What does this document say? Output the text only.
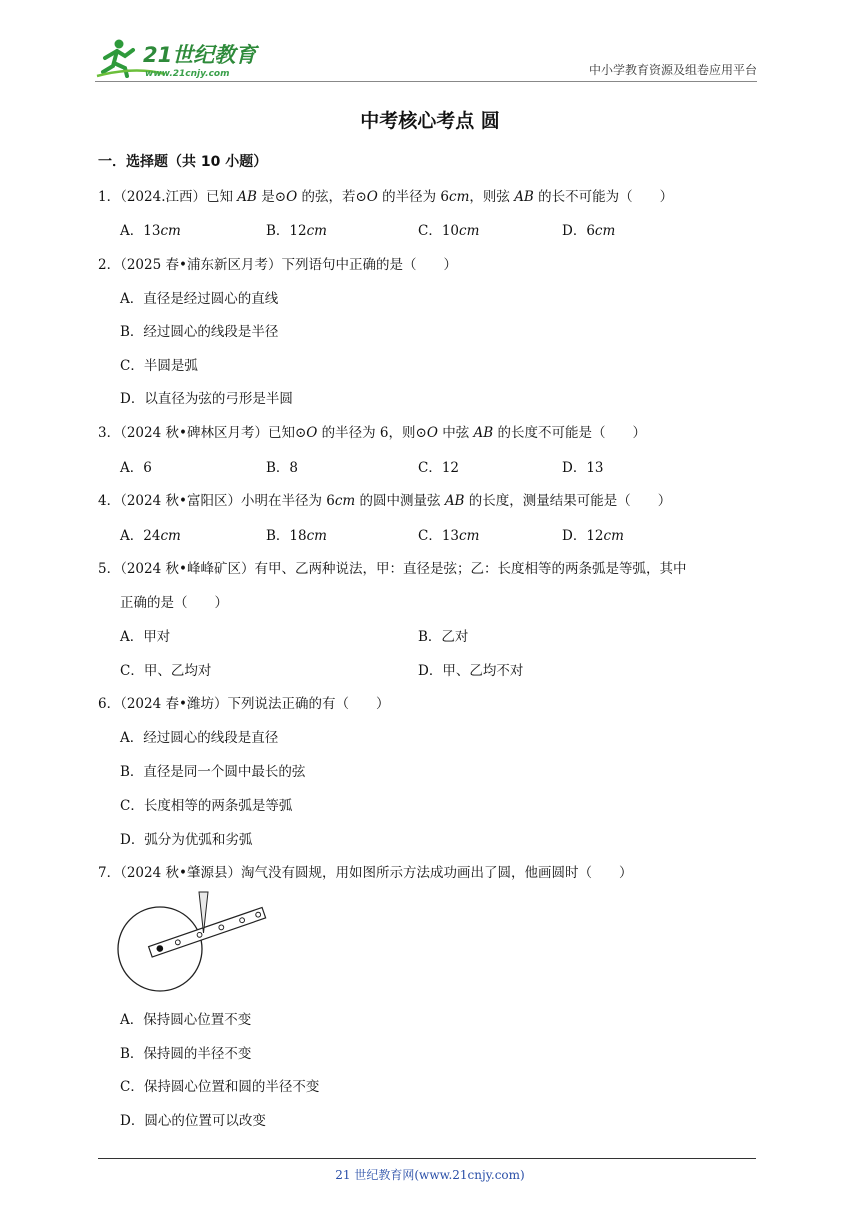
21世纪教育
www.21cnjy.com	中小学教育资源及组卷应用平台
中考核心考点 圆
一．选择题（共 10 小题）
1．（2024.江西）已知 AB 是⊙O 的弦，若⊙O 的半径为 6cm，则弦 AB 的长不可能为（　　）
A．13cm	B．12cm	C．10cm	D．6cm
2．（2025 春•浦东新区月考）下列语句中正确的是（　　）
A．直径是经过圆心的直线
B．经过圆心的线段是半径
C．半圆是弧
D．以直径为弦的弓形是半圆
3．（2024 秋•碑林区月考）已知⊙O 的半径为 6，则⊙O 中弦 AB 的长度不可能是（　　）
A．6	B．8	C．12	D．13
4．（2024 秋•富阳区）小明在半径为 6cm 的圆中测量弦 AB 的长度，测量结果可能是（　　）
A．24cm	B．18cm	C．13cm	D．12cm
5．（2024 秋•峰峰矿区）有甲、乙两种说法，甲：直径是弦；乙：长度相等的两条弧是等弧，其中
正确的是（　　）
A．甲对	B．乙对
C．甲、乙均对	D．甲、乙均不对
6．（2024 春•潍坊）下列说法正确的有（　　）
A．经过圆心的线段是直径
B．直径是同一个圆中最长的弦
C．长度相等的两条弧是等弧
D．弧分为优弧和劣弧
7．（2024 秋•肇源县）淘气没有圆规，用如图所示方法成功画出了圆，他画圆时（　　）
A．保持圆心位置不变
B．保持圆的半径不变
C．保持圆心位置和圆的半径不变
D．圆心的位置可以改变
21 世纪教育网(www.21cnjy.com)
